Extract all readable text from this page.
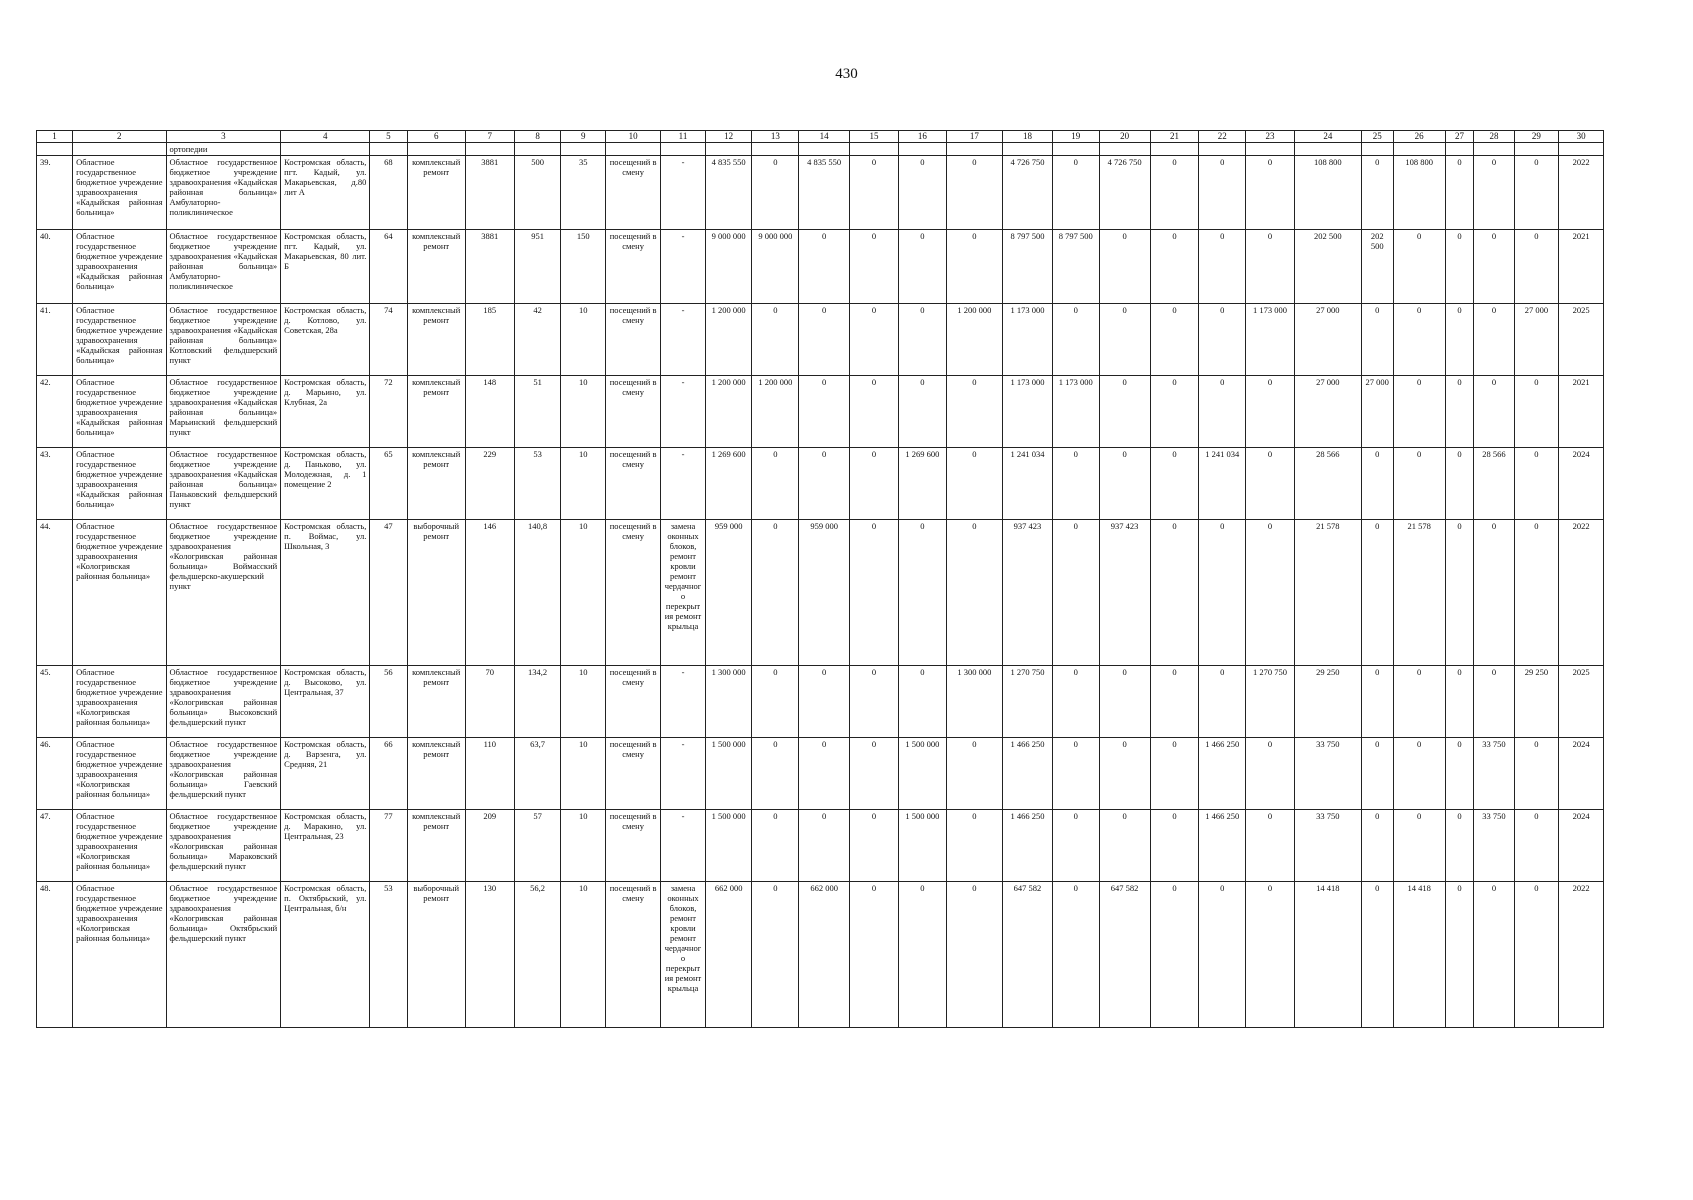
430
1	2	3	4	5	6	7	8	9	10	11	12	13	14	15	16	17	18	19	20	21	22	23	24	25	26	27	28	29	30
		ортопедии																											
39.	Областное государственное бюджетное учреждение здравоохранения «Кадыйская районная больница»	Областное государственное бюджетное учреждение здравоохранения «Кадыйская районная больница» Амбулаторно-поликлиническое	Костромская область, пгт. Кадый, ул. Макарьевская, д.80 лит А	68	комплексный ремонт	3881	500	35	посещений в смену	-	4 835 550	0	4 835 550	0	0	0	4 726 750	0	4 726 750	0	0	0	108 800	0	108 800	0	0	0	2022
40.	Областное государственное бюджетное учреждение здравоохранения «Кадыйская районная больница»	Областное государственное бюджетное учреждение здравоохранения «Кадыйская районная больница» Амбулаторно-поликлиническое	Костромская область, пгт. Кадый, ул. Макарьевская, 80 лит. Б	64	комплексный ремонт	3881	951	150	посещений в смену	-	9 000 000	9 000 000	0	0	0	0	8 797 500	8 797 500	0	0	0	0	202 500	202 500	0	0	0	0	2021
41.	Областное государственное бюджетное учреждение здравоохранения «Кадыйская районная больница»	Областное государственное бюджетное учреждение здравоохранения «Кадыйская районная больница» Котловский фельдшерский пункт	Костромская область, д. Котлово, ул. Советская, 28а	74	комплексный ремонт	185	42	10	посещений в смену	-	1 200 000	0	0	0	0	1 200 000	1 173 000	0	0	0	0	1 173 000	27 000	0	0	0	0	27 000	2025
42.	Областное государственное бюджетное учреждение здравоохранения «Кадыйская районная больница»	Областное государственное бюджетное учреждение здравоохранения «Кадыйская районная больница» Марьинский фельдшерский пункт	Костромская область, д. Марьино, ул. Клубная, 2а	72	комплексный ремонт	148	51	10	посещений в смену	-	1 200 000	1 200 000	0	0	0	0	1 173 000	1 173 000	0	0	0	0	27 000	27 000	0	0	0	0	2021
43.	Областное государственное бюджетное учреждение здравоохранения «Кадыйская районная больница»	Областное государственное бюджетное учреждение здравоохранения «Кадыйская районная больница» Паньковский фельдшерский пункт	Костромская область, д. Паньково, ул. Молодежная, д. 1 помещение 2	65	комплексный ремонт	229	53	10	посещений в смену	-	1 269 600	0	0	0	1 269 600	0	1 241 034	0	0	0	1 241 034	0	28 566	0	0	0	28 566	0	2024
44.	Областное государственное бюджетное учреждение здравоохранения «Кологривская районная больница»	Областное государственное бюджетное учреждение здравоохранения «Кологривская районная больница» Воймасский фельдшерско-акушерский пункт	Костромская область, п. Воймас, ул. Школьная, 3	47	выборочный ремонт	146	140,8	10	посещений в смену	замена оконных блоков, ремонт кровли ремонт чердачного перекрытия ремонт крыльца	959 000	0	959 000	0	0	0	937 423	0	937 423	0	0	0	21 578	0	21 578	0	0	0	2022
45.	Областное государственное бюджетное учреждение здравоохранения «Кологривская районная больница»	Областное государственное бюджетное учреждение здравоохранения «Кологривская районная больница» Высоковский фельдшерский пункт	Костромская область, д. Высоково, ул. Центральная, 37	56	комплексный ремонт	70	134,2	10	посещений в смену	-	1 300 000	0	0	0	0	1 300 000	1 270 750	0	0	0	0	1 270 750	29 250	0	0	0	0	29 250	2025
46.	Областное государственное бюджетное учреждение здравоохранения «Кологривская районная больница»	Областное государственное бюджетное учреждение здравоохранения «Кологривская районная больница» Гаевский фельдшерский пункт	Костромская область, д. Варзенга, ул. Средняя, 21	66	комплексный ремонт	110	63,7	10	посещений в смену	-	1 500 000	0	0	0	1 500 000	0	1 466 250	0	0	0	1 466 250	0	33 750	0	0	0	33 750	0	2024
47.	Областное государственное бюджетное учреждение здравоохранения «Кологривская районная больница»	Областное государственное бюджетное учреждение здравоохранения «Кологривская районная больница» Мараковский фельдшерский пункт	Костромская область, д. Маракино, ул. Центральная, 23	77	комплексный ремонт	209	57	10	посещений в смену	-	1 500 000	0	0	0	1 500 000	0	1 466 250	0	0	0	1 466 250	0	33 750	0	0	0	33 750	0	2024
48.	Областное государственное бюджетное учреждение здравоохранения «Кологривская районная больница»	Областное государственное бюджетное учреждение здравоохранения «Кологривская районная больница» Октябрьский фельдшерский пункт	Костромская область, п. Октябрьский, ул. Центральная, б/н	53	выборочный ремонт	130	56,2	10	посещений в смену	замена оконных блоков, ремонт кровли ремонт чердачного перекрытия ремонт крыльца	662 000	0	662 000	0	0	0	647 582	0	647 582	0	0	0	14 418	0	14 418	0	0	0	2022
